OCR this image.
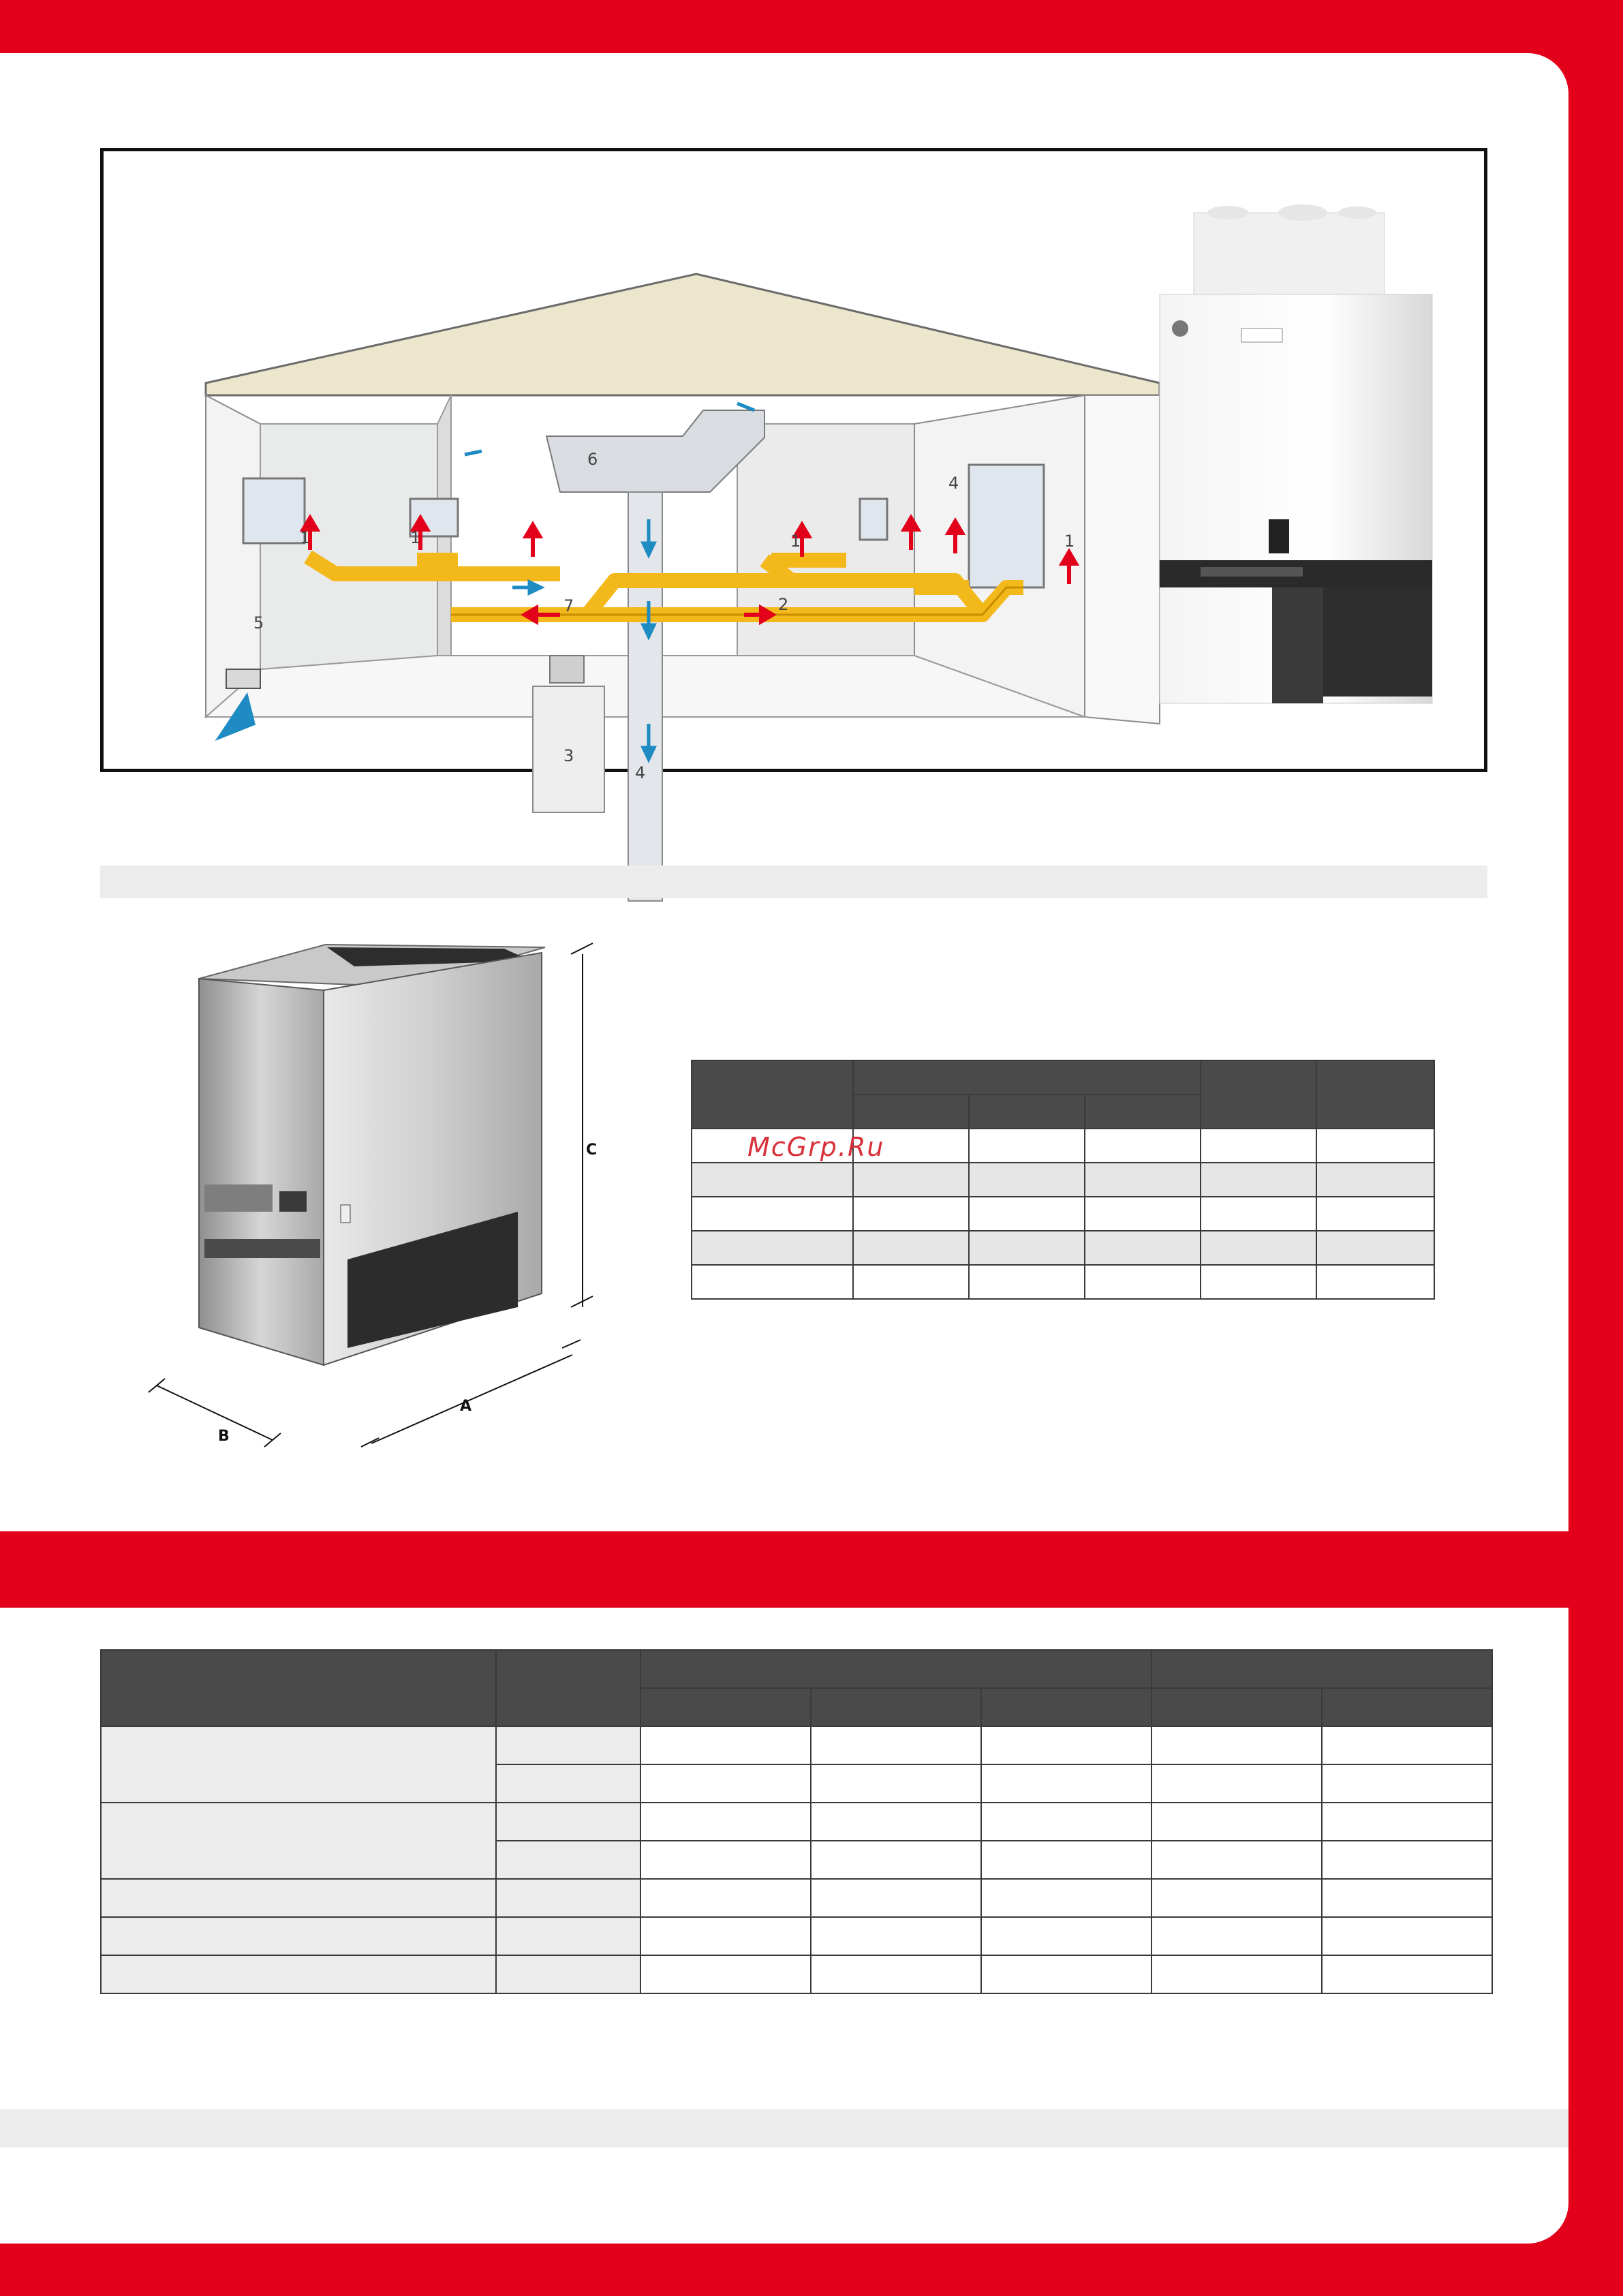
1	1	1	1
2
3
4
4
5
6
7
C
B
A

McGrp.Ru
